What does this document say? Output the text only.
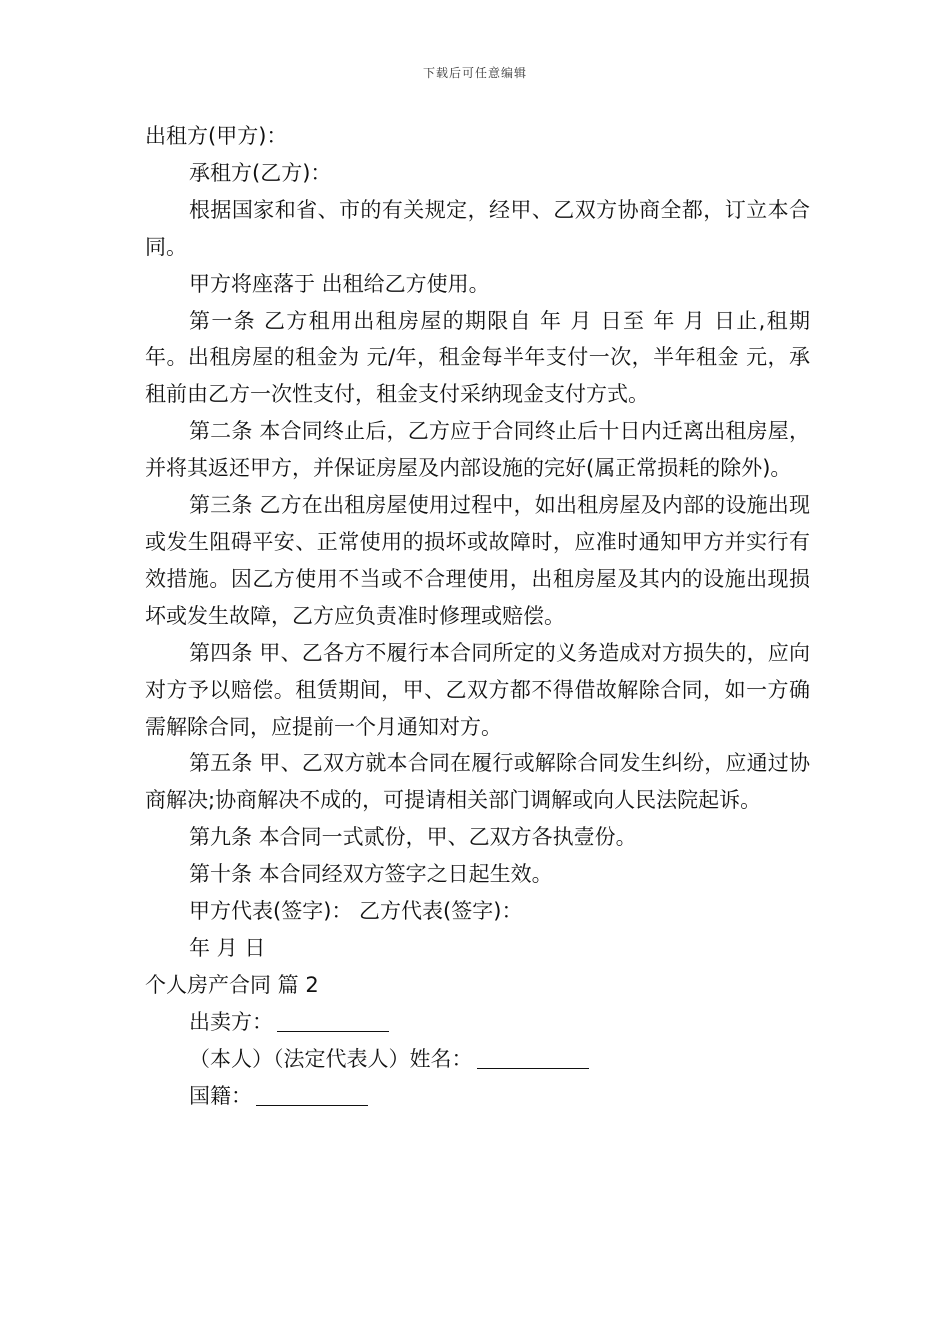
下载后可任意编辑

出租方(甲方)：

承租方(乙方)：

根据国家和省、市的有关规定，经甲、乙双方协商全都，订立本合同。

甲方将座落于 出租给乙方使用。

第一条 乙方租用出租房屋的期限自 年 月 日至 年 月 日止,租期 年。出租房屋的租金为 元/年，租金每半年支付一次，半年租金 元，承租前由乙方一次性支付，租金支付采纳现金支付方式。

第二条 本合同终止后，乙方应于合同终止后十日内迁离出租房屋，并将其返还甲方，并保证房屋及内部设施的完好(属正常损耗的除外)。

第三条 乙方在出租房屋使用过程中，如出租房屋及内部的设施出现或发生阻碍平安、正常使用的损坏或故障时，应准时通知甲方并实行有效措施。因乙方使用不当或不合理使用，出租房屋及其内的设施出现损坏或发生故障，乙方应负责准时修理或赔偿。

第四条 甲、乙各方不履行本合同所定的义务造成对方损失的，应向对方予以赔偿。租赁期间，甲、乙双方都不得借故解除合同，如一方确需解除合同，应提前一个月通知对方。

第五条 甲、乙双方就本合同在履行或解除合同发生纠纷，应通过协商解决;协商解决不成的，可提请相关部门调解或向人民法院起诉。

第九条 本合同一式贰份，甲、乙双方各执壹份。

第十条 本合同经双方签字之日起生效。

甲方代表(签字)： 乙方代表(签字)：

年 月 日

个人房产合同 篇 2

出卖方：

（本人）（法定代表人）姓名：

国籍：
